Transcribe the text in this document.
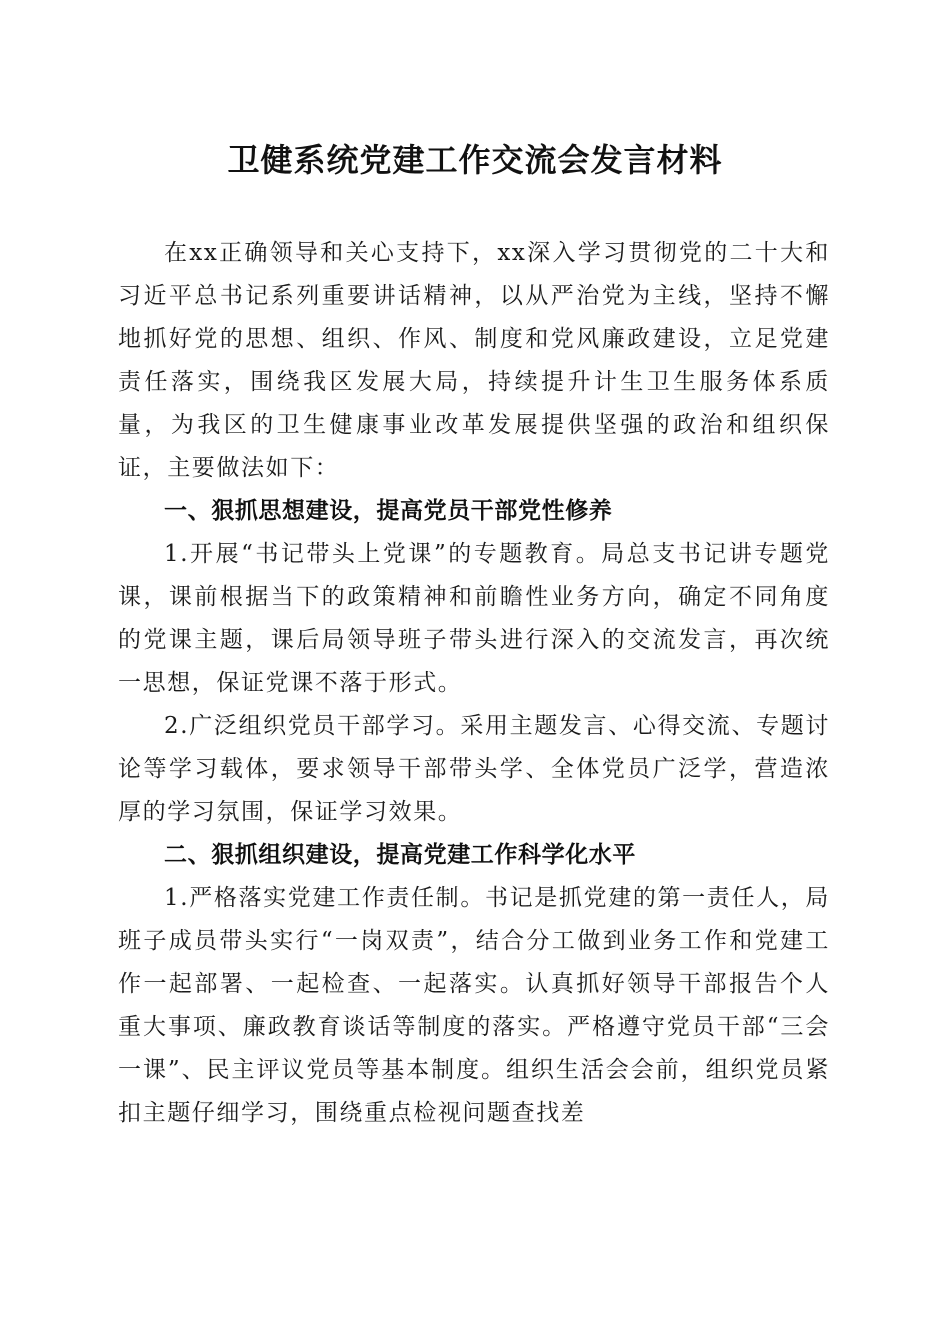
卫健系统党建工作交流会发言材料

在xx正确领导和关心支持下，xx深入学习贯彻党的二十大和习近平总书记系列重要讲话精神，以从严治党为主线，坚持不懈地抓好党的思想、组织、作风、制度和党风廉政建设，立足党建责任落实，围绕我区发展大局，持续提升计生卫生服务体系质量，为我区的卫生健康事业改革发展提供坚强的政治和组织保证，主要做法如下：

一、狠抓思想建设，提高党员干部党性修养

1.开展“书记带头上党课”的专题教育。局总支书记讲专题党课，课前根据当下的政策精神和前瞻性业务方向，确定不同角度的党课主题，课后局领导班子带头进行深入的交流发言，再次统一思想，保证党课不落于形式。

2.广泛组织党员干部学习。采用主题发言、心得交流、专题讨论等学习载体，要求领导干部带头学、全体党员广泛学，营造浓厚的学习氛围，保证学习效果。

二、狠抓组织建设，提高党建工作科学化水平

1.严格落实党建工作责任制。书记是抓党建的第一责任人，局班子成员带头实行“一岗双责”，结合分工做到业务工作和党建工作一起部署、一起检查、一起落实。认真抓好领导干部报告个人重大事项、廉政教育谈话等制度的落实。严格遵守党员干部“三会一课”、民主评议党员等基本制度。组织生活会会前，组织党员紧扣主题仔细学习，围绕重点检视问题查找差
